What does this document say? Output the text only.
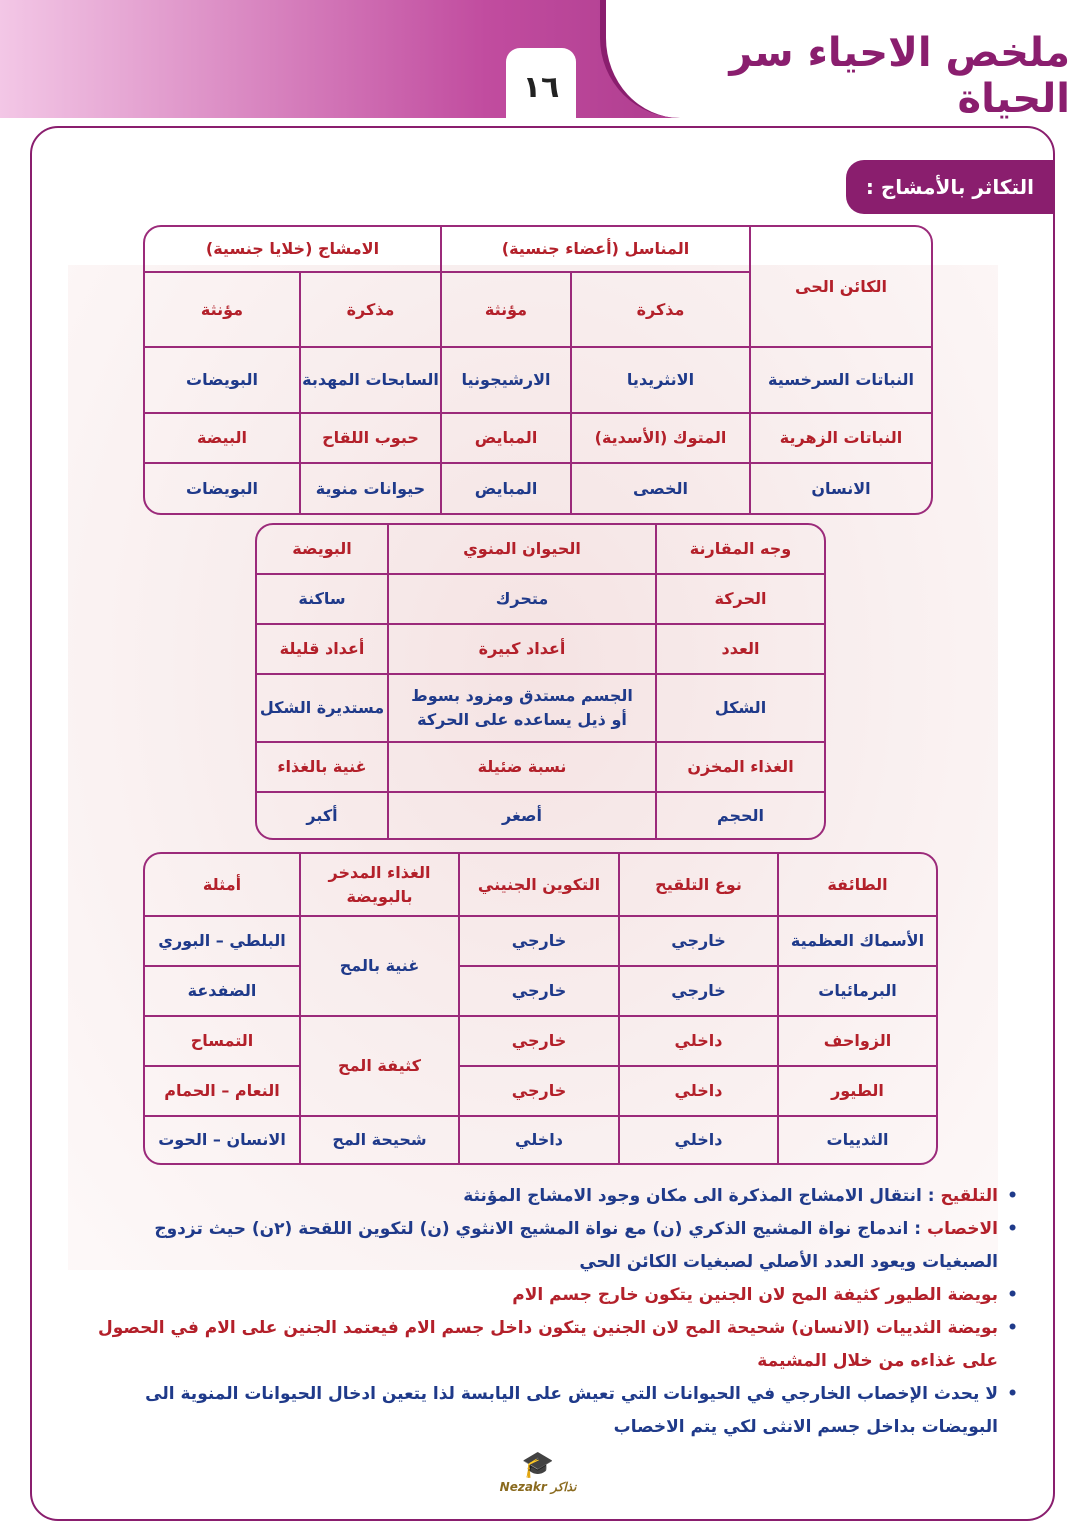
ملخص الاحياء سر الحياة
١٦
التكاثر بالأمشاج :
الكائن الحى	المناسل (أعضاء جنسية)		الامشاج (خلايا جنسية)	
	مذكرة	مؤنثة	مذكرة	مؤنثة
النباتات السرخسية	الانثريديا	الارشيجونيا	السابحات المهدبة	البويضات
النباتات الزهرية	المتوك (الأسدية)	المبايض	حبوب اللقاح	البيضة
الانسان	الخصى	المبايض	حيوانات منوية	البويضات
وجه المقارنة	الحيوان المنوي	البويضة
الحركة	متحرك	ساكنة
العدد	أعداد كبيرة	أعداد قليلة
الشكل	الجسم مستدق ومزود بسوط أو ذيل يساعده على الحركة	مستديرة الشكل
الغذاء المخزن	نسبة ضئيلة	غنية بالغذاء
الحجم	أصغر	أكبر
الطائفة	نوع التلقيح	التكوين الجنيني	الغذاء المدخر بالبويضة	أمثلة
الأسماك العظمية	خارجي	خارجي	غنية بالمح	البلطي – البوري
البرمائيات	خارجي	خارجي		الضفدعة
الزواحف	داخلي	خارجي	كثيفة المح	التمساح
الطيور	داخلي	خارجي		النعام – الحمام
الثدييات	داخلي	داخلي	شحيحة المح	الانسان – الحوت
• التلقيح : انتقال الامشاج المذكرة الى مكان وجود الامشاج المؤنثة
• الاخصاب : اندماج نواة المشيج الذكري (ن) مع نواة المشيج الانثوي (ن) لتكوين اللقحة (٢ن) حيث تزدوج الصبغيات ويعود العدد الأصلي لصبغيات الكائن الحي
• بويضة الطيور كثيفة المح لان الجنين يتكون خارج جسم الام
• بويضة الثدييات (الانسان) شحيحة المح لان الجنين يتكون داخل جسم الام فيعتمد الجنين على الام في الحصول على غذاءه من خلال المشيمة
• لا يحدث الإخصاب الخارجي في الحيوانات التي تعيش على اليابسة لذا يتعين ادخال الحيوانات المنوية الى البويضات بداخل جسم الانثى لكي يتم الاخصاب
🎓
Nezakr نذاكر
